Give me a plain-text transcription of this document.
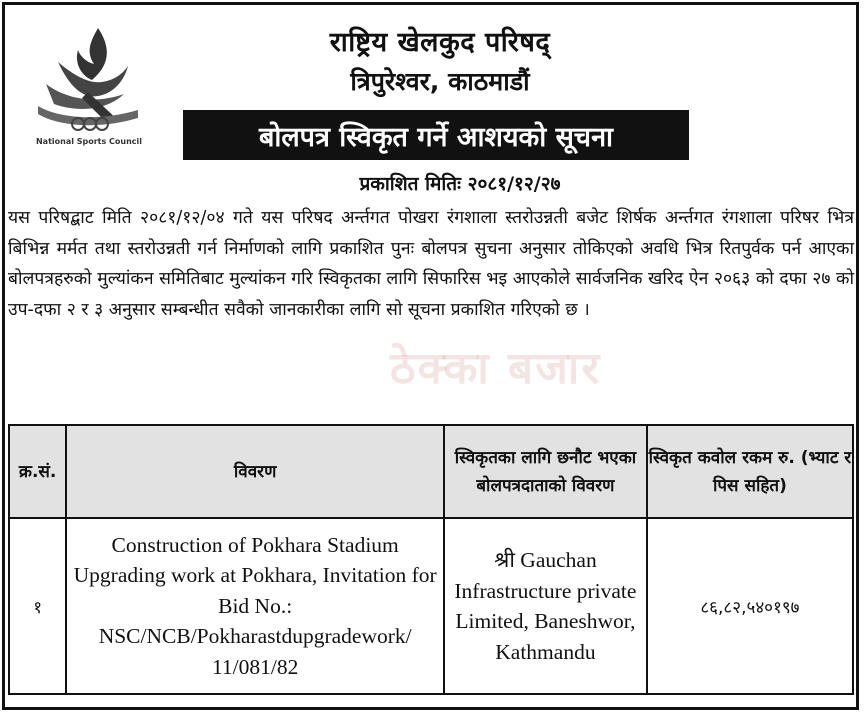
National Sports Council
राष्ट्रिय खेलकुद परिषद्
त्रिपुरेश्वर, काठमाडौं
बोलपत्र स्विकृत गर्ने आशयको सूचना
प्रकाशित मितिः २०८१/१२/२७
यस परिषद्बाट मिति २०८१/१२/०४ गते यस परिषद अर्न्तगत पोखरा रंगशाला स्तरोउन्नती बजेट शिर्षक अर्न्तगत रंगशाला परिषर भित्र बिभिन्न मर्मत तथा स्तरोउन्नती गर्न निर्माणको लागि प्रकाशित पुनः बोलपत्र सुचना अनुसार तोकिएको अवधि भित्र रितपुर्वक पर्न आएका बोलपत्रहरुको मुल्यांकन समितिबाट मुल्यांकन गरि स्विकृतका लागि सिफारिस भइ आएकोले सार्वजनिक खरिद ऐन २०६३ को दफा २७ को उप-दफा २ र ३ अनुसार सम्बन्धीत सवैको जानकारीका लागि सो सूचना प्रकाशित गरिएको छ ।
ठेक्का बजार
क्र.सं.	विवरण	स्विकृतका लागि छनौट भएका बोलपत्रदाताको विवरण	स्विकृत कवोल रकम रु. (भ्याट र पिस सहित)
१	Construction of Pokhara Stadium Upgrading work at Pokhara, Invitation for Bid No.: NSC/NCB/Pokharastdupgradework/ 11/081/82	श्री Gauchan Infrastructure private Limited, Baneshwor, Kathmandu	८६,८२,५४०१९७
